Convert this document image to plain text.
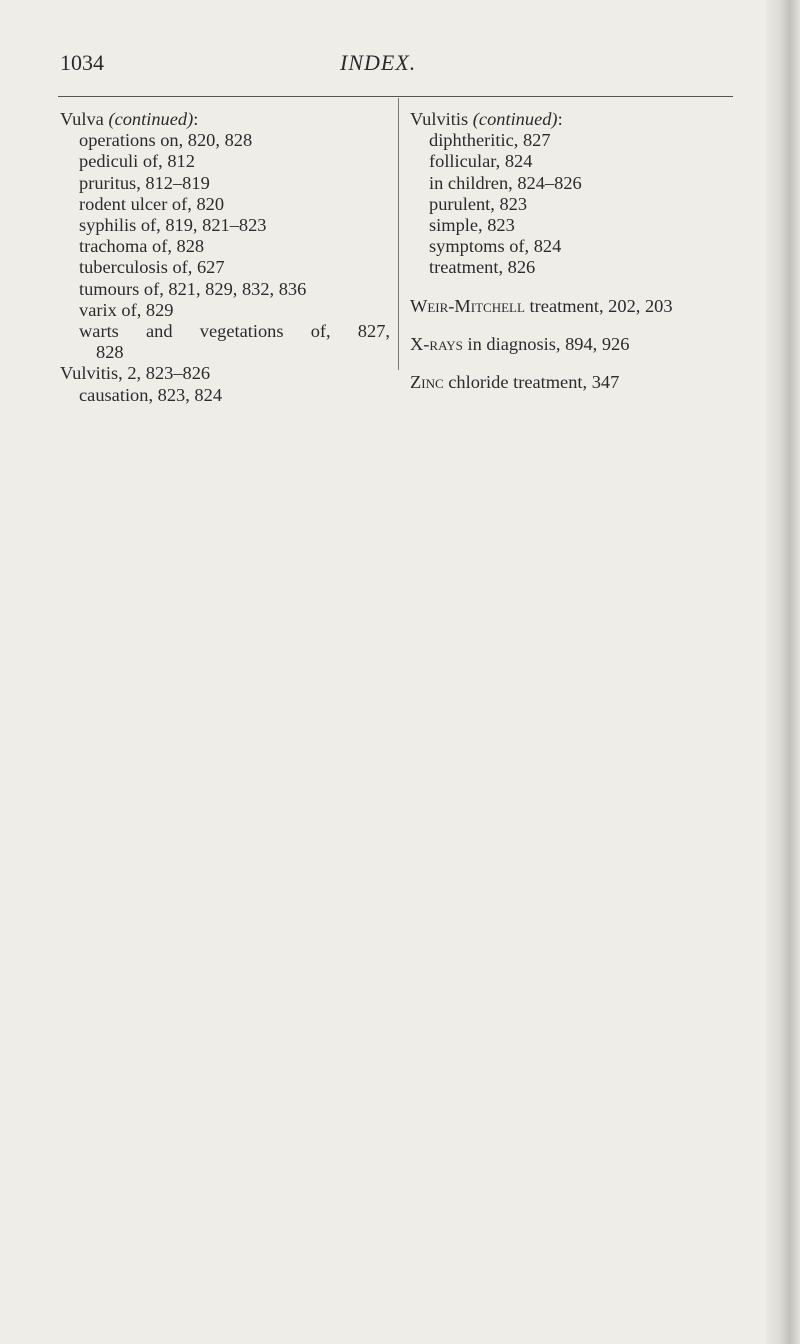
1034	INDEX.
Vulva (continued):
operations on, 820, 828
pediculi of, 812
pruritus, 812–819
rodent ulcer of, 820
syphilis of, 819, 821–823
trachoma of, 828
tuberculosis of, 627
tumours of, 821, 829, 832, 836
varix of, 829
warts and vegetations of, 827,
828
Vulvitis, 2, 823–826
causation, 823, 824
Vulvitis (continued):
diphtheritic, 827
follicular, 824
in children, 824–826
purulent, 823
simple, 823
symptoms of, 824
treatment, 826
Weir-Mitchell treatment, 202, 203
X-rays in diagnosis, 894, 926
Zinc chloride treatment, 347
